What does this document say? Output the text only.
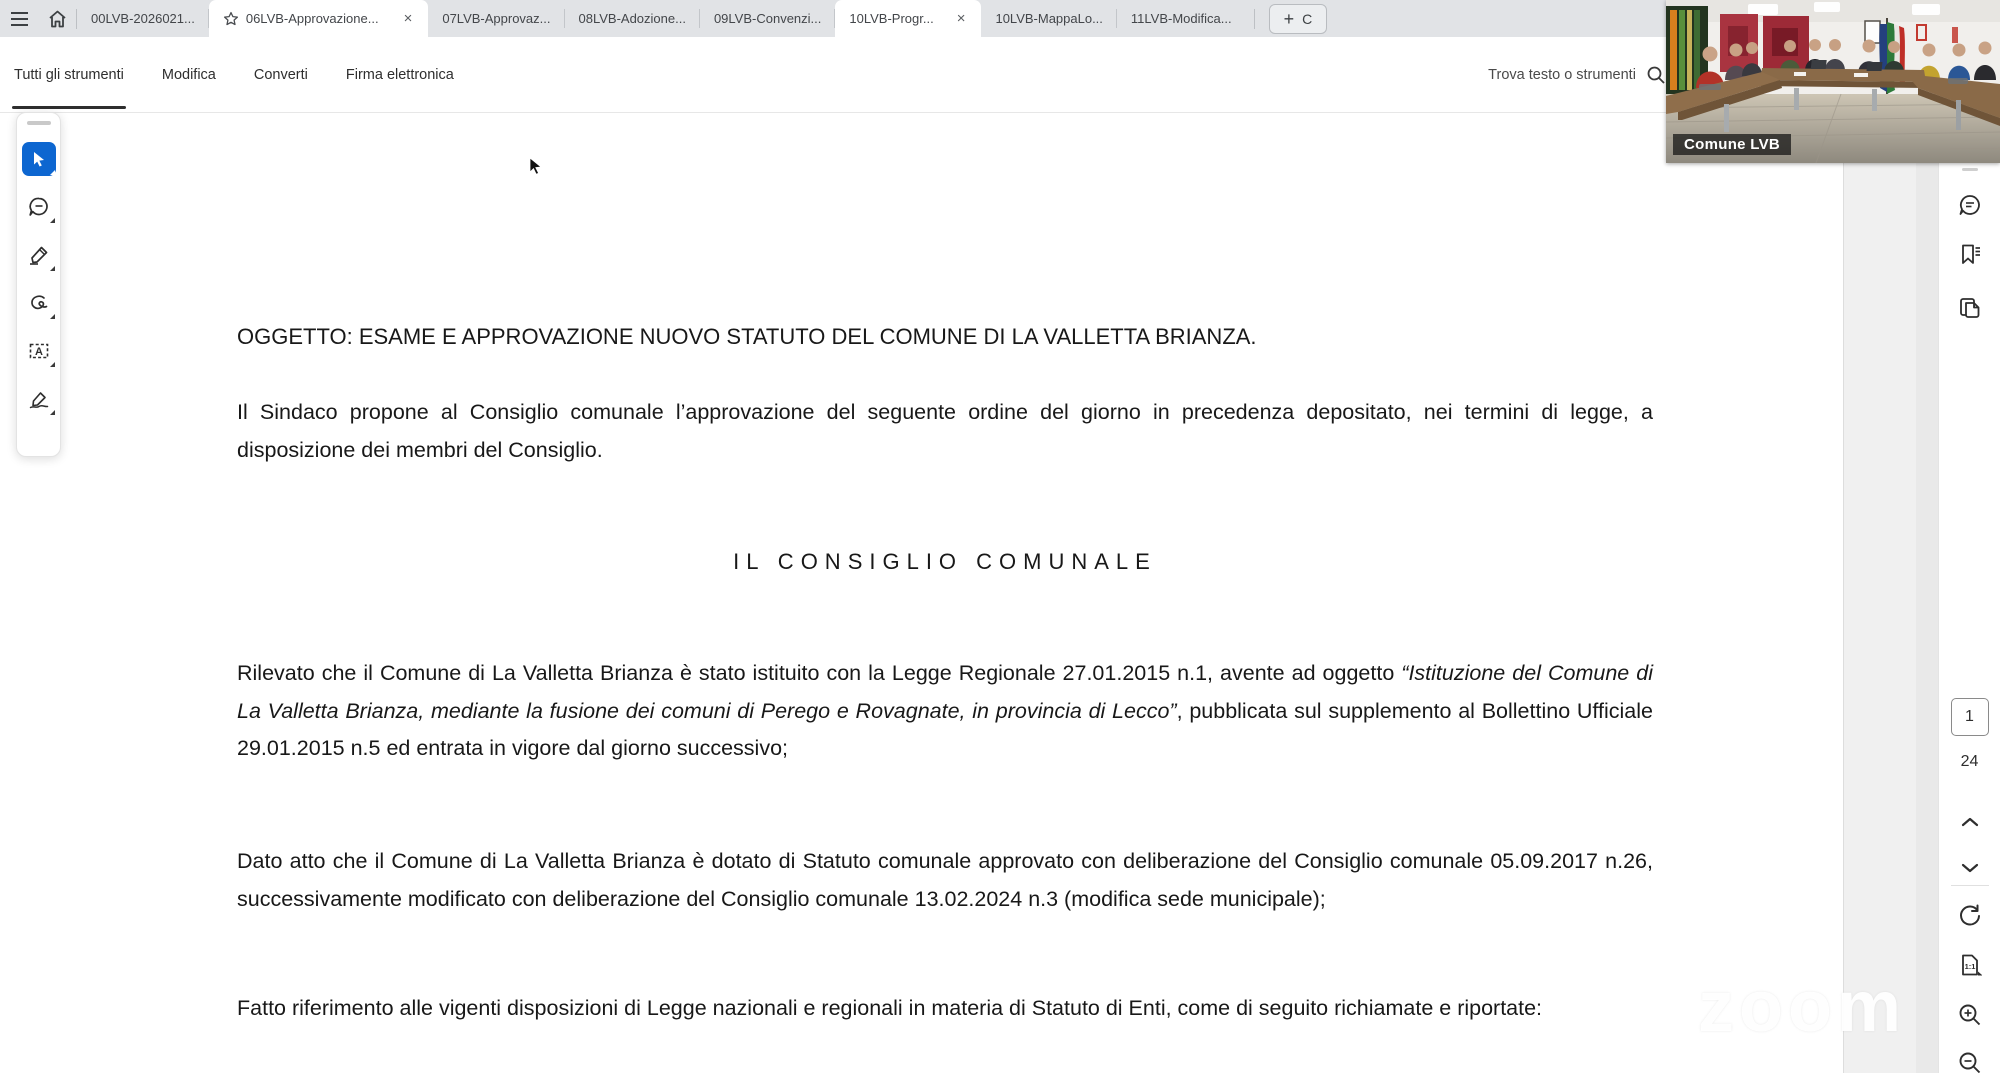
00LVB-2026021...	06LVB-Approvazione... × 07LVB-Approvaz... 08LVB-Adozione... 09LVB-Convenzi... 10LVB-Progr... × 10LVB-MappaLo... 11LVB-Modifica...	+ C
Tutti gli strumenti	Modifica	Converti	Firma elettronica	Trova testo o strumenti

OGGETTO: ESAME E APPROVAZIONE NUOVO STATUTO DEL COMUNE DI LA VALLETTA BRIANZA.

Il Sindaco propone al Consiglio comunale l’approvazione del seguente ordine del giorno in precedenza depositato, nei termini di legge, a disposizione dei membri del Consiglio.

IL CONSIGLIO COMUNALE

Rilevato che il Comune di La Valletta Brianza è stato istituito con la Legge Regionale 27.01.2015 n.1, avente ad oggetto “Istituzione del Comune di La Valletta Brianza, mediante la fusione dei comuni di Perego e Rovagnate, in provincia di Lecco”, pubblicata sul supplemento al Bollettino Ufficiale 29.01.2015 n.5 ed entrata in vigore dal giorno successivo;

Dato atto che il Comune di La Valletta Brianza è dotato di Statuto comunale approvato con deliberazione del Consiglio comunale 05.09.2017 n.26, successivamente modificato con deliberazione del Consiglio comunale 13.02.2024 n.3 (modifica sede municipale);

Fatto riferimento alle vigenti disposizioni di Legge nazionali e regionali in materia di Statuto di Enti, come di seguito richiamate e riportate:	zoom
A
1
24
1:1
Comune LVB
